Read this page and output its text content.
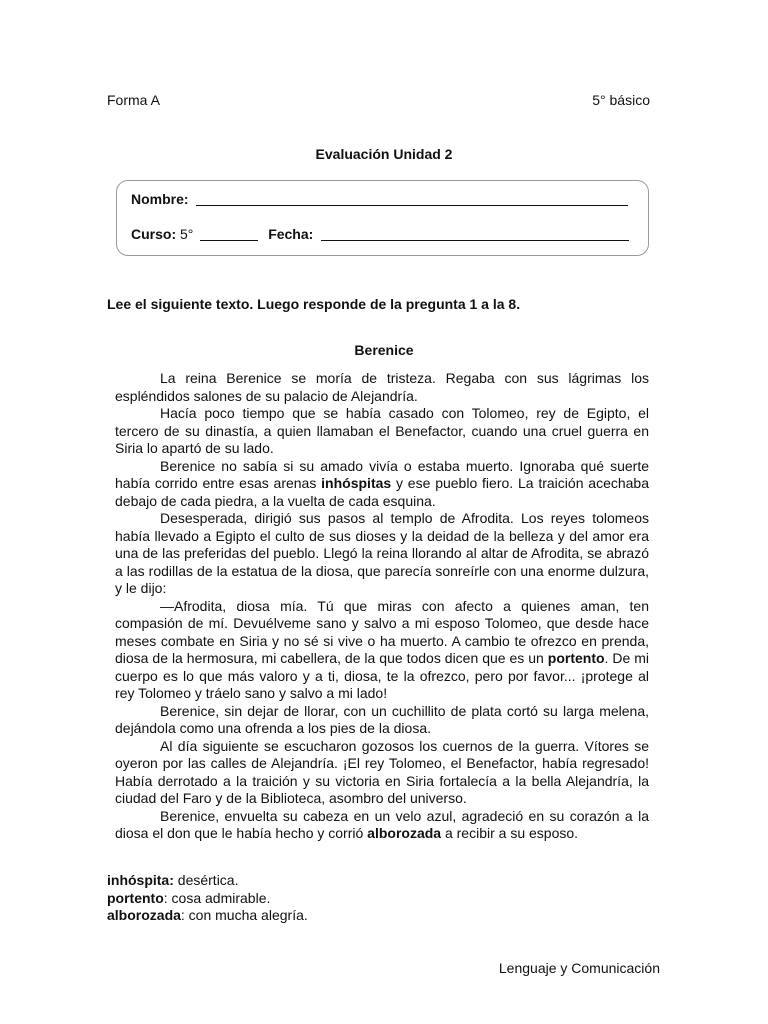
Forma A	5° básico
Evaluación Unidad 2
Nombre:
Curso: 5°	Fecha:
Lee el siguiente texto. Luego responde de la pregunta 1 a la 8.
Berenice

La reina Berenice se moría de tristeza. Regaba con sus lágrimas los espléndidos salones de su palacio de Alejandría.

Hacía poco tiempo que se había casado con Tolomeo, rey de Egipto, el tercero de su dinastía, a quien llamaban el Benefactor, cuando una cruel guerra en Siria lo apartó de su lado.

Berenice no sabía si su amado vivía o estaba muerto. Ignoraba qué suerte había corrido entre esas arenas inhóspitas y ese pueblo fiero. La traición acechaba debajo de cada piedra, a la vuelta de cada esquina.

Desesperada, dirigió sus pasos al templo de Afrodita. Los reyes tolomeos había llevado a Egipto el culto de sus dioses y la deidad de la belleza y del amor era una de las preferidas del pueblo. Llegó la reina llorando al altar de Afrodita, se abrazó a las rodillas de la estatua de la diosa, que parecía sonreírle con una enorme dulzura, y le dijo:

—Afrodita, diosa mía. Tú que miras con afecto a quienes aman, ten compasión de mí. Devuélveme sano y salvo a mi esposo Tolomeo, que desde hace meses combate en Siria y no sé si vive o ha muerto. A cambio te ofrezco en prenda, diosa de la hermosura, mi cabellera, de la que todos dicen que es un portento. De mi cuerpo es lo que más valoro y a ti, diosa, te la ofrezco, pero por favor... ¡protege al rey Tolomeo y tráelo sano y salvo a mi lado!

Berenice, sin dejar de llorar, con un cuchillito de plata cortó su larga melena, dejándola como una ofrenda a los pies de la diosa.

Al día siguiente se escucharon gozosos los cuernos de la guerra. Vítores se oyeron por las calles de Alejandría. ¡El rey Tolomeo, el Benefactor, había regresado! Había derrotado a la traición y su victoria en Siria fortalecía a la bella Alejandría, la ciudad del Faro y de la Biblioteca, asombro del universo.

Berenice, envuelta su cabeza en un velo azul, agradeció en su corazón a la diosa el don que le había hecho y corrió alborozada a recibir a su esposo.

inhóspita: desértica.
portento: cosa admirable.
alborozada: con mucha alegría.
Lenguaje y Comunicación
